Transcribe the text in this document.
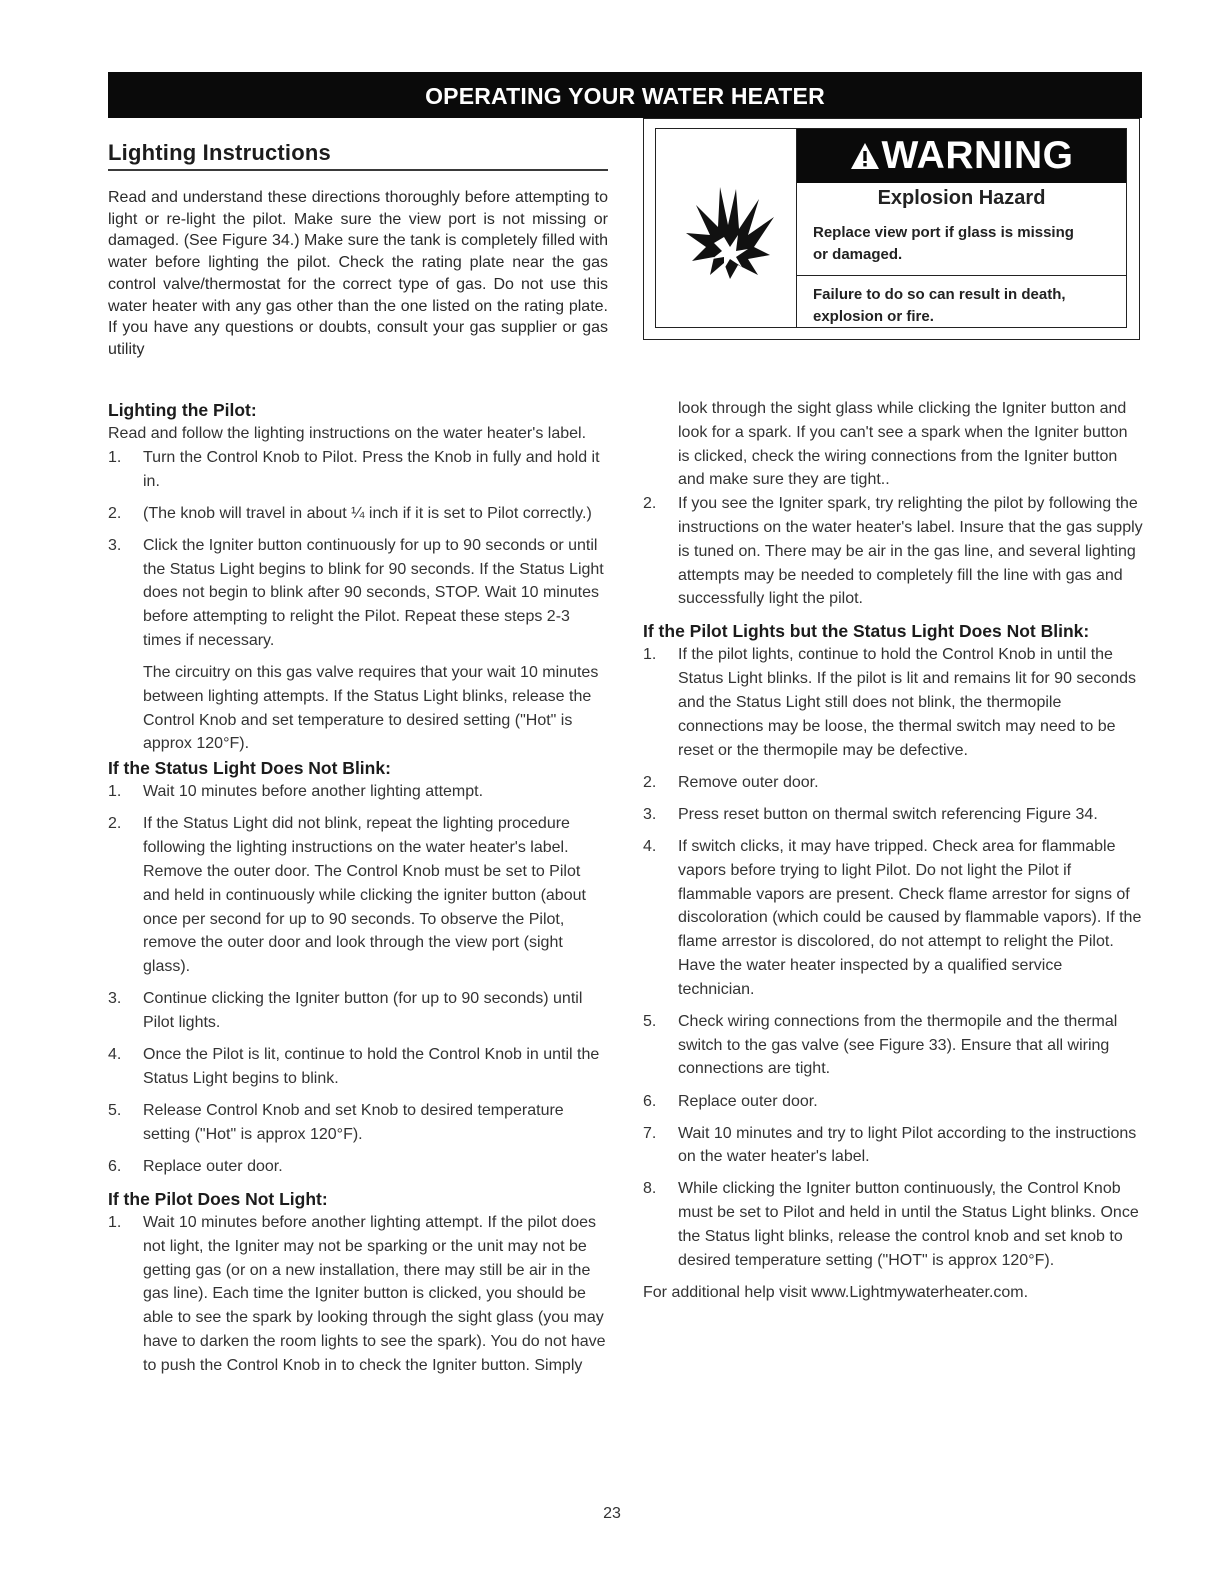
OPERATING YOUR WATER HEATER
Lighting Instructions

Read and understand these directions thoroughly before attempting to light or re-light the pilot. Make sure the view port is not missing or damaged. (See Figure 34.) Make sure the tank is completely filled with water before lighting the pilot. Check the rating plate near the gas control valve/thermostat for the correct type of gas. Do not use this water heater with any gas other than the one listed on the rating plate. If you have any questions or doubts, consult your gas supplier or gas utility

WARNING
Explosion Hazard

Replace view port if glass is missing

or damaged.

Failure to do so can result in death,

explosion or fire.

Lighting the Pilot:

Read and follow the lighting instructions on the water heater's label.

1. Turn the Control Knob to Pilot. Press the Knob in fully and hold it in.
2. (The knob will travel in about ¼ inch if it is set to Pilot correctly.)
3. Click the Igniter button continuously for up to 90 seconds or until the Status Light begins to blink for 90 seconds. If the Status Light does not begin to blink after 90 seconds, STOP. Wait 10 minutes before attempting to relight the Pilot. Repeat these steps 2-3 times if necessary.

The circuitry on this gas valve requires that your wait 10 minutes between lighting attempts. If the Status Light blinks, release the Control Knob and set temperature to desired setting ("Hot" is approx 120°F).

If the Status Light Does Not Blink:

1. Wait 10 minutes before another lighting attempt.
2. If the Status Light did not blink, repeat the lighting procedure following the lighting instructions on the water heater's label. Remove the outer door. The Control Knob must be set to Pilot and held in continuously while clicking the igniter button (about once per second for up to 90 seconds. To observe the Pilot, remove the outer door and look through the view port (sight glass).
3. Continue clicking the Igniter button (for up to 90 seconds) until Pilot lights.
4. Once the Pilot is lit, continue to hold the Control Knob in until the Status Light begins to blink.
5. Release Control Knob and set Knob to desired temperature setting ("Hot" is approx 120°F).
6. Replace outer door.

If the Pilot Does Not Light:

1. Wait 10 minutes before another lighting attempt. If the pilot does not light, the Igniter may not be sparking or the unit may not be getting gas (or on a new installation, there may still be air in the gas line). Each time the Igniter button is clicked, you should be able to see the spark by looking through the sight glass (you may have to darken the room lights to see the spark). You do not have to push the Control Knob in to check the Igniter button. Simply

look through the sight glass while clicking the Igniter button and look for a spark. If you can't see a spark when the Igniter button is clicked, check the wiring connections from the Igniter button and make sure they are tight..

2. If you see the Igniter spark, try relighting the pilot by following the instructions on the water heater's label. Insure that the gas supply is tuned on. There may be air in the gas line, and several lighting attempts may be needed to completely fill the line with gas and successfully light the pilot.

If the Pilot Lights but the Status Light Does Not Blink:

1. If the pilot lights, continue to hold the Control Knob in until the Status Light blinks. If the pilot is lit and remains lit for 90 seconds and the Status Light still does not blink, the thermopile connections may be loose, the thermal switch may need to be reset or the thermopile may be defective.
2. Remove outer door.
3. Press reset button on thermal switch referencing Figure 34.
4. If switch clicks, it may have tripped. Check area for flammable vapors before trying to light Pilot. Do not light the Pilot if flammable vapors are present. Check flame arrestor for signs of discoloration (which could be caused by flammable vapors). If the flame arrestor is discolored, do not attempt to relight the Pilot. Have the water heater inspected by a qualified service technician.
5. Check wiring connections from the thermopile and the thermal switch to the gas valve (see Figure 33). Ensure that all wiring connections are tight.
6. Replace outer door.
7. Wait 10 minutes and try to light Pilot according to the instructions on the water heater's label.
8. While clicking the Igniter button continuously, the Control Knob must be set to Pilot and held in until the Status Light blinks. Once the Status light blinks, release the control knob and set knob to desired temperature setting ("HOT" is approx 120°F).

For additional help visit www.Lightmywaterheater.com.

23
